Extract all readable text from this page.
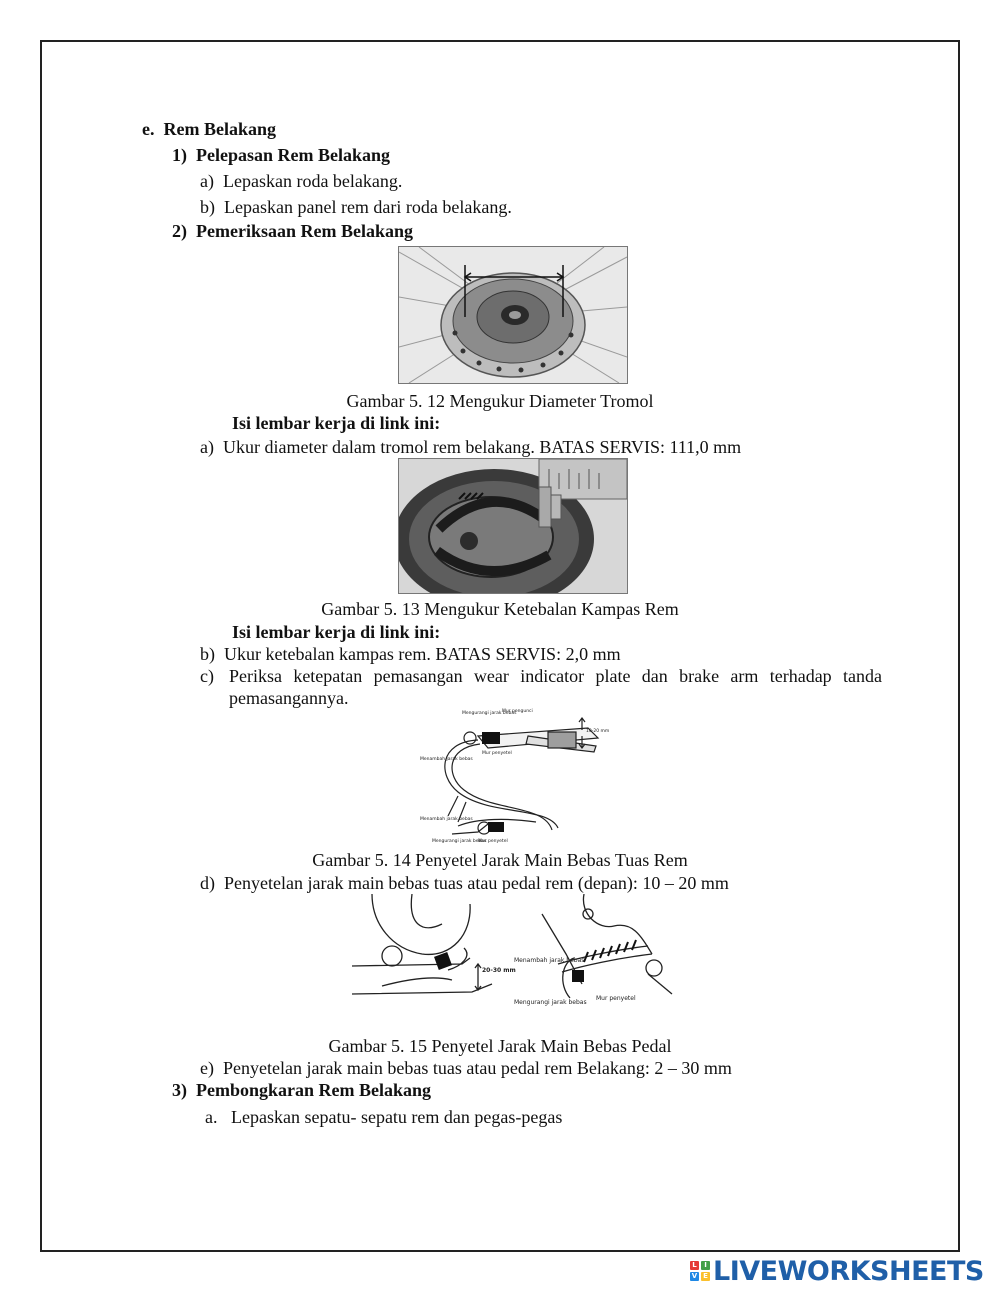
e. Rem Belakang
1) Pelepasan Rem Belakang
a) Lepaskan roda belakang.
b) Lepaskan panel rem dari roda belakang.
2) Pemeriksaan Rem Belakang
Gambar 5. 12 Mengukur Diameter Tromol
Isi lembar kerja di link ini:
a) Ukur diameter dalam tromol rem belakang. BATAS SERVIS: 111,0 mm
Gambar 5. 13 Mengukur Ketebalan Kampas Rem
Isi lembar kerja di link ini:
b) Ukur ketebalan kampas rem. BATAS SERVIS: 2,0 mm
c) Periksa ketepatan pemasangan wear indicator plate dan brake arm terhadap tanda
pemasangannya.
Mengurangi jarak bebas
Mur pengunci
Mur penyetel
10-20 mm
Menambah jarak bebas
Menambah jarak bebas
Mengurangi jarak bebas
Mur penyetel
Gambar 5. 14 Penyetel Jarak Main Bebas Tuas Rem
d) Penyetelan jarak main bebas tuas atau pedal rem (depan): 10 – 20 mm
20-30 mm
Menambah jarak bebas
Mur penyetel
Mengurangi jarak bebas
Gambar 5. 15 Penyetel Jarak Main Bebas Pedal
e) Penyetelan jarak main bebas tuas atau pedal rem Belakang: 2 – 30 mm
3) Pembongkaran Rem Belakang
a. Lepaskan sepatu- sepatu rem dan pegas-pegas
L	I
V E LIVEWORKSHEETS
